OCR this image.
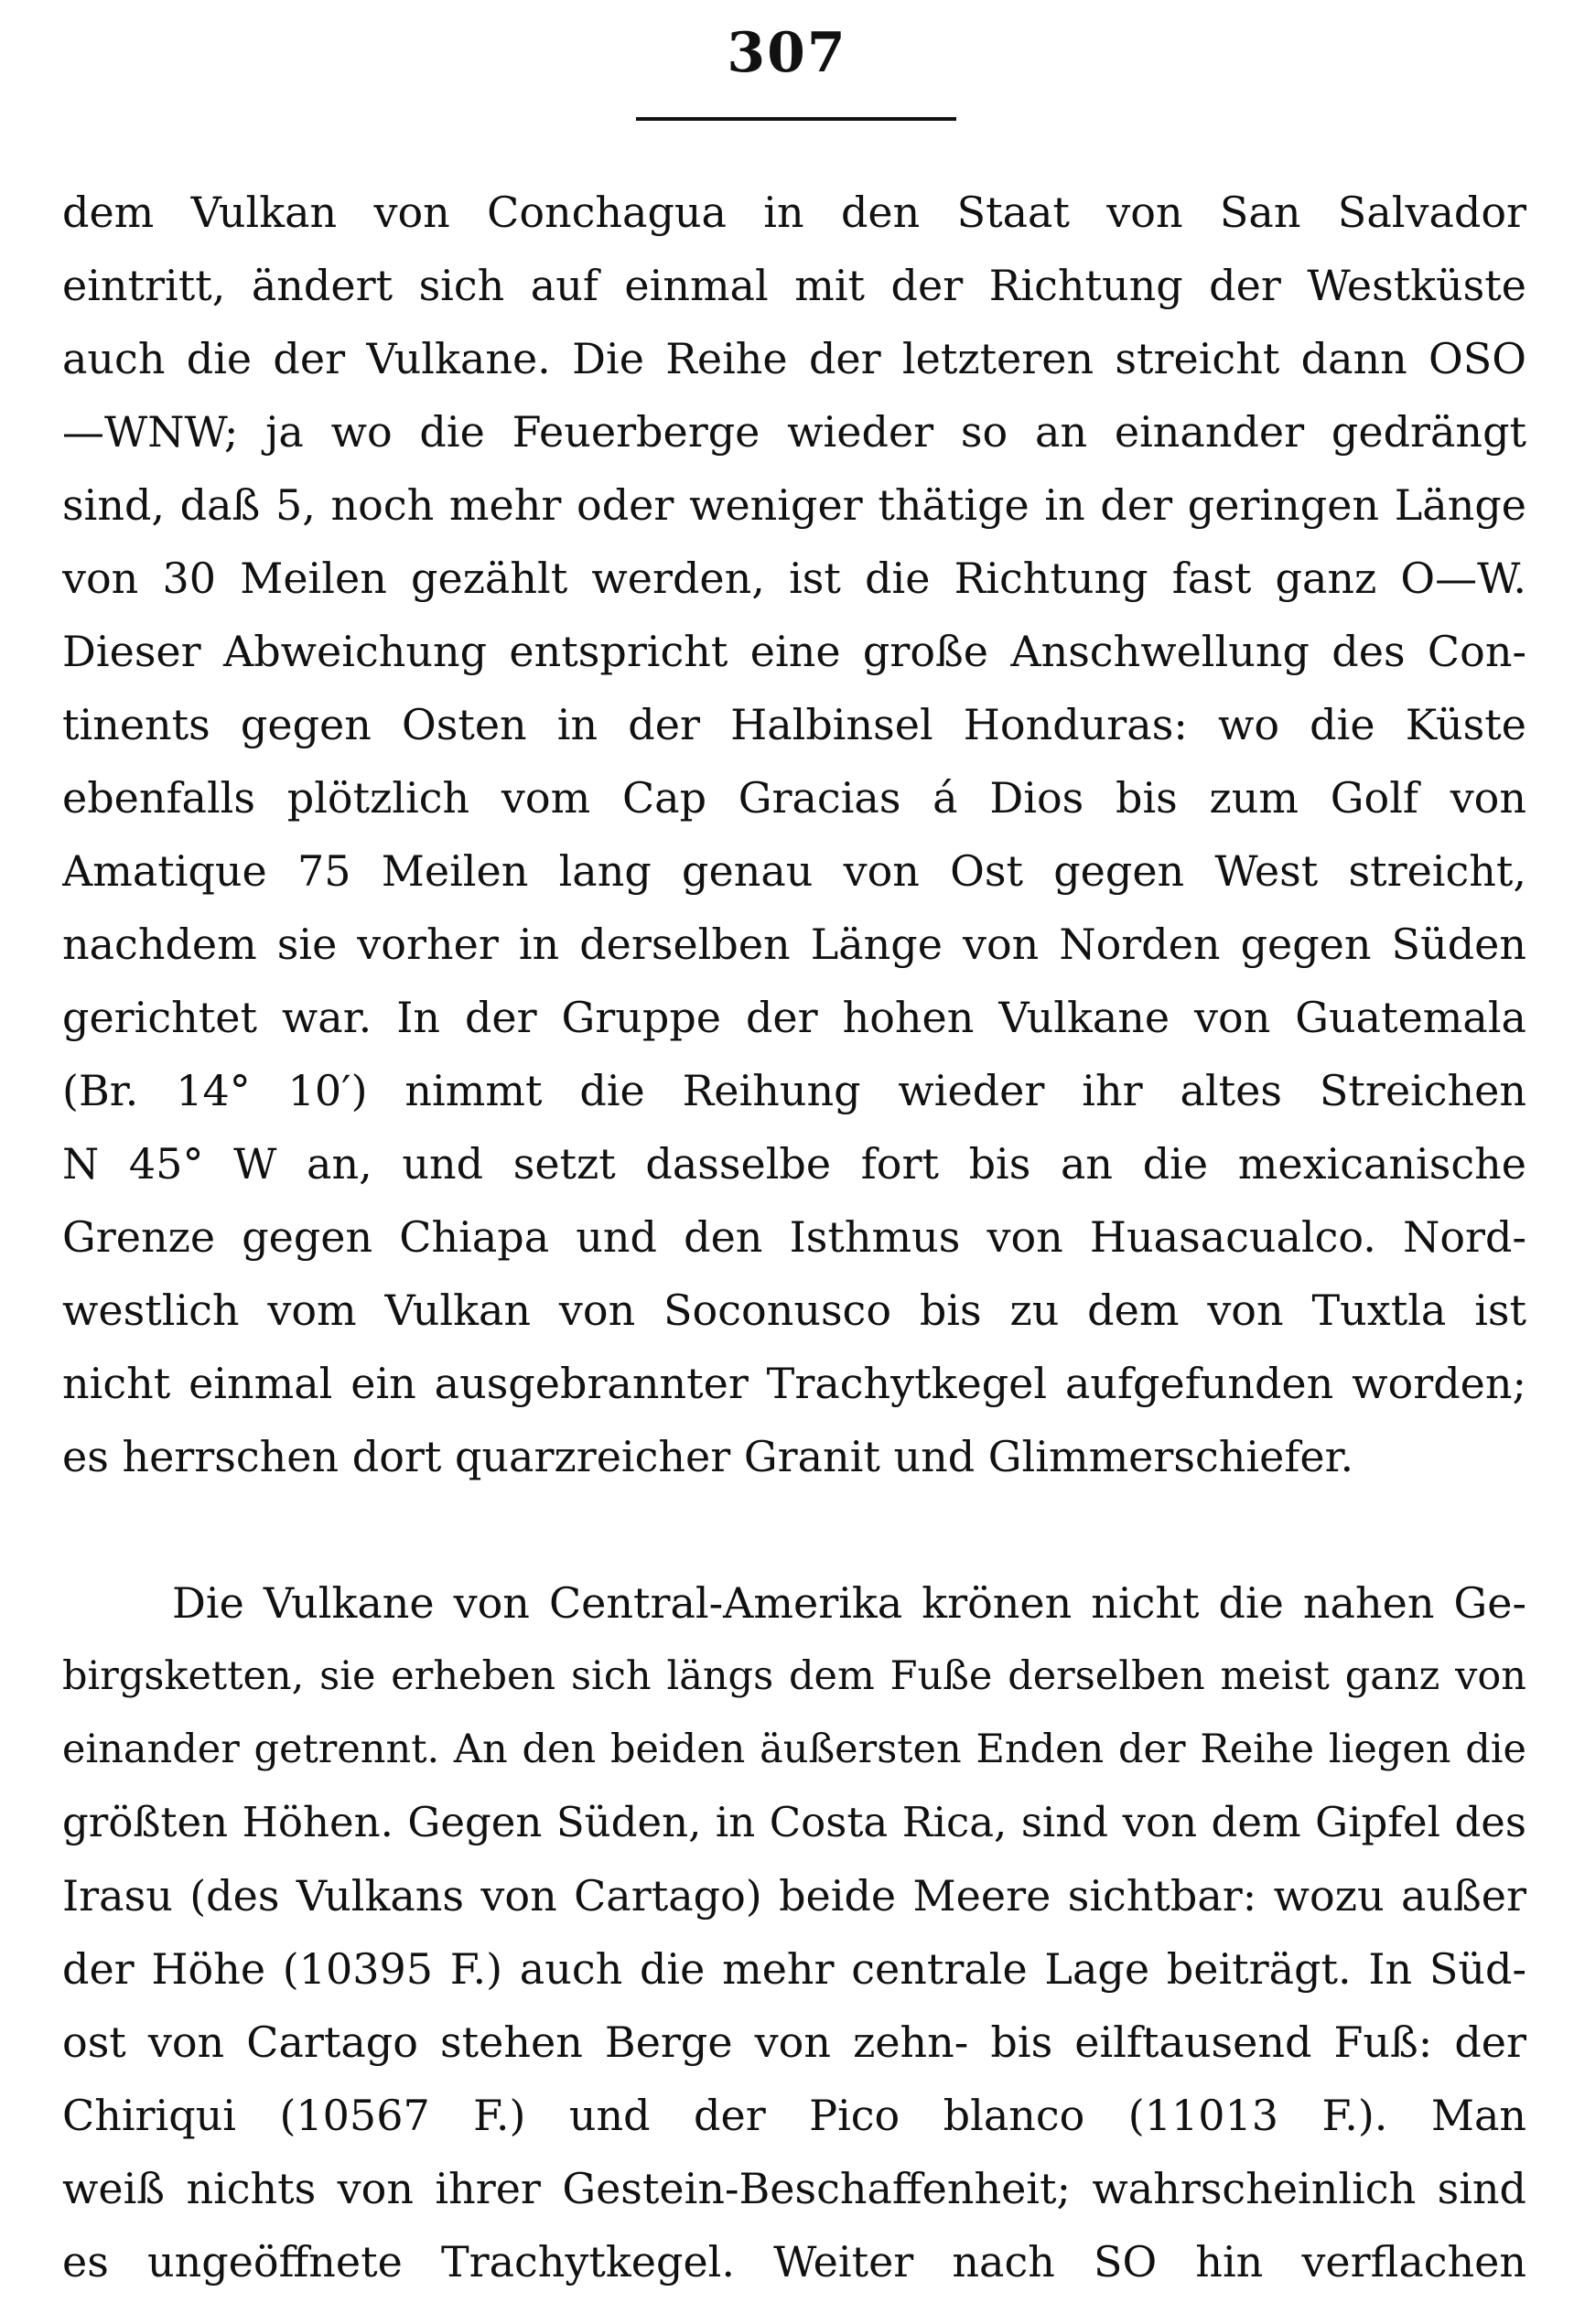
307
dem Vulkan von Conchagua in den Staat von San Salvador
eintritt, ändert sich auf einmal mit der Richtung der Westküste
auch die der Vulkane. Die Reihe der letzteren streicht dann OSO
—WNW; ja wo die Feuerberge wieder so an einander gedrängt
sind, daß 5, noch mehr oder weniger thätige in der geringen Länge
von 30 Meilen gezählt werden, ist die Richtung fast ganz O—W.
Dieser Abweichung entspricht eine große Anschwellung des Con-
tinents gegen Osten in der Halbinsel Honduras: wo die Küste
ebenfalls plötzlich vom Cap Gracias á Dios bis zum Golf von
Amatique 75 Meilen lang genau von Ost gegen West streicht,
nachdem sie vorher in derselben Länge von Norden gegen Süden
gerichtet war. In der Gruppe der hohen Vulkane von Guatemala
(Br. 14° 10′) nimmt die Reihung wieder ihr altes Streichen
N 45° W an, und setzt dasselbe fort bis an die mexicanische
Grenze gegen Chiapa und den Isthmus von Huasacualco. Nord-
westlich vom Vulkan von Soconusco bis zu dem von Tuxtla ist
nicht einmal ein ausgebrannter Trachytkegel aufgefunden worden;
es herrschen dort quarzreicher Granit und Glimmerschiefer.
Die Vulkane von Central-Amerika krönen nicht die nahen Ge-
birgsketten, sie erheben sich längs dem Fuße derselben meist ganz von
einander getrennt. An den beiden äußersten Enden der Reihe liegen die
größten Höhen. Gegen Süden, in Costa Rica, sind von dem Gipfel des
Irasu (des Vulkans von Cartago) beide Meere sichtbar: wozu außer
der Höhe (10395 F.) auch die mehr centrale Lage beiträgt. In Süd-
ost von Cartago stehen Berge von zehn- bis eilftausend Fuß: der
Chiriqui (10567 F.) und der Pico blanco (11013 F.). Man
weiß nichts von ihrer Gestein-Beschaffenheit; wahrscheinlich sind
es ungeöffnete Trachytkegel. Weiter nach SO hin verflachen
